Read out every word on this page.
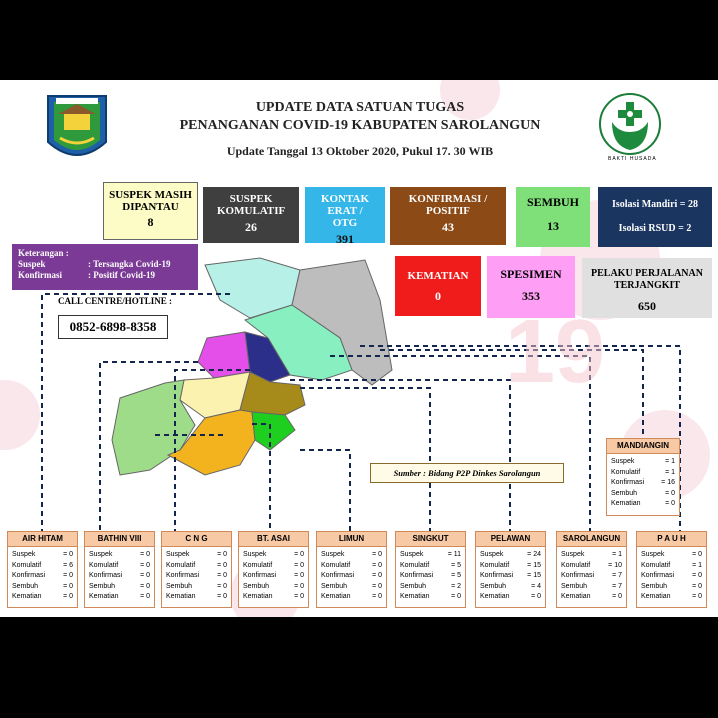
BAKTI HUSADA
UPDATE DATA SATUAN TUGAS
PENANGANAN COVID-19 KABUPATEN SAROLANGUN
Update Tanggal 13 Oktober 2020, Pukul 17. 30 WIB
SUSPEK MASIH DIPANTAU
8
SUSPEK KOMULATIF
26
KONTAK ERAT / OTG
391
KONFIRMASI / POSITIF
43
SEMBUH
13
Isolasi Mandiri = 28
Isolasi RSUD = 2
Keterangan :
Suspek	: Tersangka Covid-19
Konfirmasi	: Positif Covid-19	KEMATIAN
0
SPESIMEN
353
PELAKU PERJALANAN TERJANGKIT
650
CALL CENTRE/HOTLINE :
0852-6898-8358	19
Sumber : Bidang P2P Dinkes Sarolangun
MANDIANGIN
Suspek	= 1
Komulatif	= 1
Konfirmasi = 16
Sembuh	= 0
Kematian	= 0
AIR HITAM
Suspek	= 0
Komulatif	= 6
Konfirmasi	= 0
Sembuh	= 0
Kematian	= 0
BATHIN VIII
Suspek	= 0
Komulatif	= 0
Konfirmasi	= 0
Sembuh	= 0
Kematian	= 0
C N G
Suspek	= 0
Komulatif	= 0
Konfirmasi	= 0
Sembuh	= 0
Kematian	= 0
BT. ASAI
Suspek	= 0
Komulatif	= 0
Konfirmasi	= 0
Sembuh	= 0
Kematian	= 0
LIMUN
Suspek	= 0
Komulatif	= 0
Konfirmasi	= 0
Sembuh	= 0
Kematian	= 0
SINGKUT
Suspek	= 11
Komulatif	= 5
Konfirmasi	= 5
Sembuh	= 2
Kematian	= 0
PELAWAN
Suspek	= 24
Komulatif	= 15
Konfirmasi = 15
Sembuh	= 4
Kematian	= 0
SAROLANGUN
Suspek	= 1
Komulatif	= 10
Konfirmasi	= 7
Sembuh	= 7
Kematian	= 0
P A U H
Suspek	= 0
Komulatif	= 1
Konfirmasi	= 0
Sembuh	= 0
Kematian	= 0
